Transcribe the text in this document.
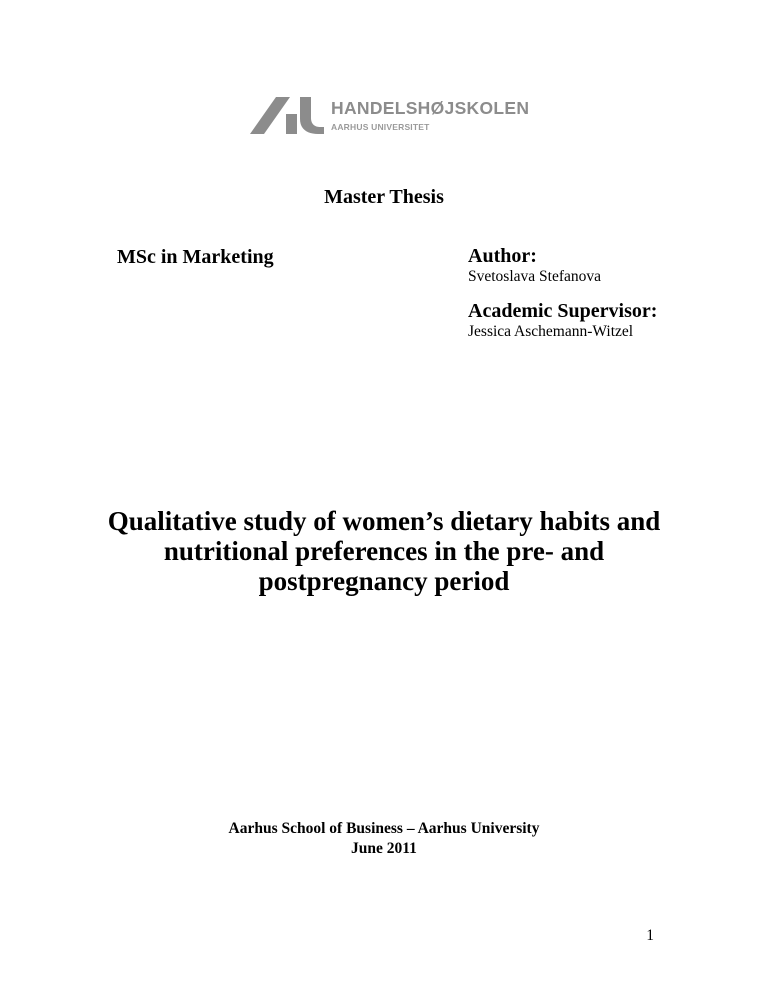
HANDELSHØJSKOLEN
AARHUS UNIVERSITET
Master Thesis
MSc in Marketing	Author:
Svetoslava Stefanova
Academic Supervisor:
Jessica Aschemann-Witzel
Qualitative study of women’s dietary habits and
nutritional preferences in the pre- and
postpregnancy period
Aarhus School of Business – Aarhus University
June 2011
1
